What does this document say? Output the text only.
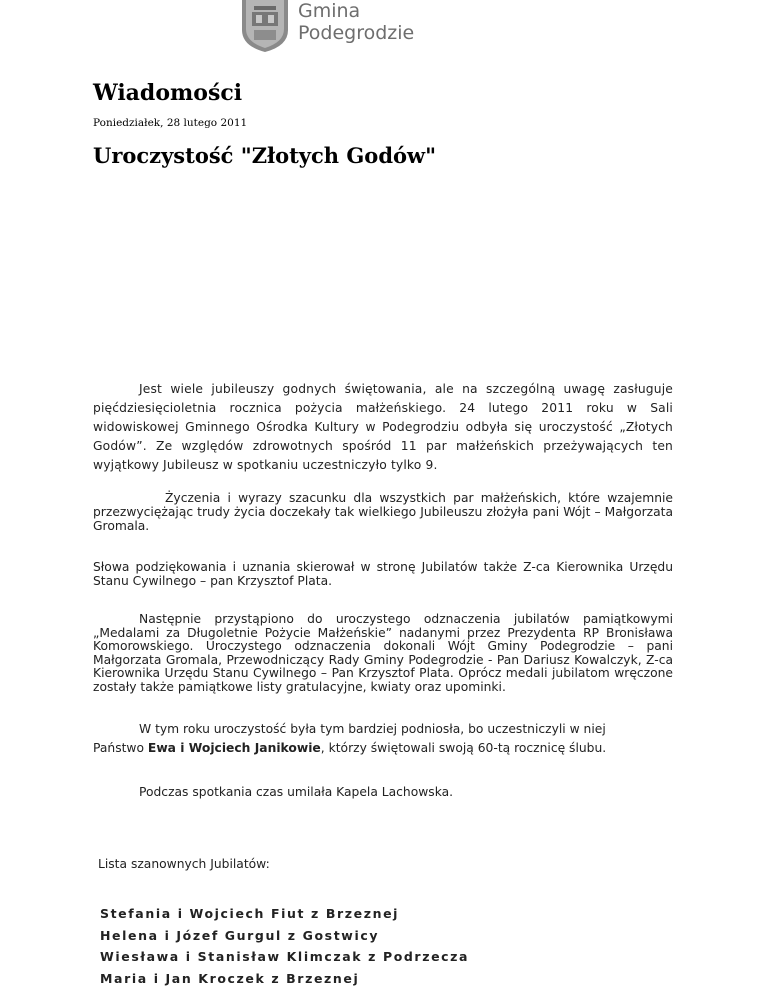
Gmina
Podegrodzie
Wiadomości

Poniedziałek, 28 lutego 2011

Uroczystość "Złotych Godów"

Jest wiele jubileuszy godnych świętowania, ale na szczególną uwagę zasługuje pięćdziesięcioletnia rocznica pożycia małżeńskiego. 24 lutego 2011 roku w Sali widowiskowej Gminnego Ośrodka Kultury w Podegrodziu odbyła się uroczystość „Złotych Godów”. Ze względów zdrowotnych spośród 11 par małżeńskich przeżywających ten wyjątkowy Jubileusz w spotkaniu uczestniczyło tylko 9.

Życzenia i wyrazy szacunku dla wszystkich par małżeńskich, które wzajemnie przezwyciężając trudy życia doczekały tak wielkiego Jubileuszu złożyła pani Wójt – Małgorzata Gromala.

Słowa podziękowania i uznania skierował w stronę Jubilatów także Z-ca Kierownika Urzędu Stanu Cywilnego – pan Krzysztof Plata.

Następnie przystąpiono do uroczystego odznaczenia jubilatów pamiątkowymi „Medalami za Długoletnie Pożycie Małżeńskie” nadanymi przez Prezydenta RP Bronisława Komorowskiego. Uroczystego odznaczenia dokonali Wójt Gminy Podegrodzie – pani Małgorzata Gromala, Przewodniczący Rady Gminy Podegrodzie - Pan Dariusz Kowalczyk, Z-ca Kierownika Urzędu Stanu Cywilnego – Pan Krzysztof Plata. Oprócz medali jubilatom wręczone zostały także pamiątkowe listy gratulacyjne, kwiaty oraz upominki.

W tym roku uroczystość była tym bardziej podniosła, bo uczestniczyli w niej
Państwo Ewa i Wojciech Janikowie, którzy świętowali swoją 60-tą rocznicę ślubu.

Podczas spotkania czas umilała Kapela Lachowska.

Lista szanownych Jubilatów:

Stefania i Wojciech Fiut z Brzeznej
Helena i Józef Gurgul z Gostwicy
Wiesława i Stanisław Klimczak z Podrzecza
Maria i Jan Kroczek z Brzeznej
